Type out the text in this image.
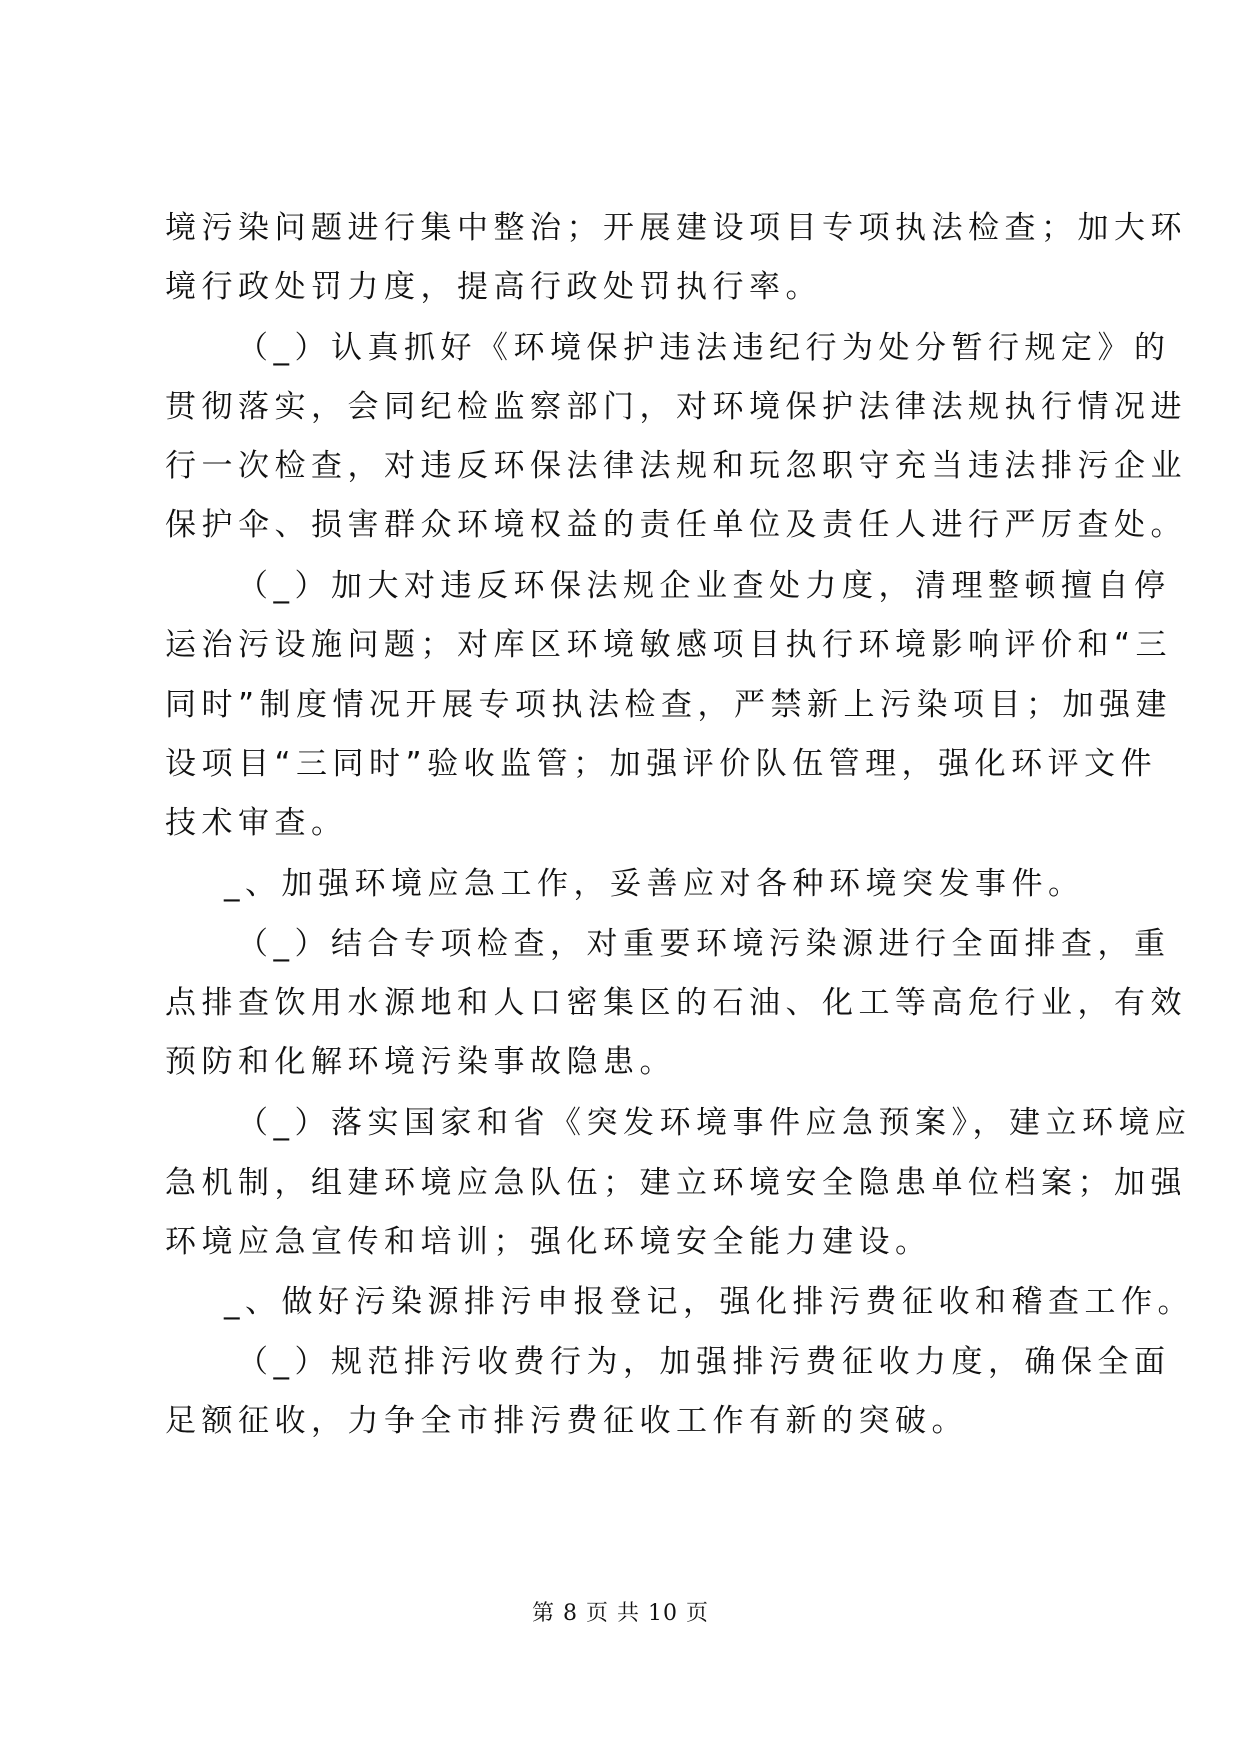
境污染问题进行集中整治；开展建设项目专项执法检查；加大环
境行政处罚力度，提高行政处罚执行率。
（_）认真抓好《环境保护违法违纪行为处分暂行规定》的
贯彻落实，会同纪检监察部门，对环境保护法律法规执行情况进
行一次检查，对违反环保法律法规和玩忽职守充当违法排污企业
保护伞、损害群众环境权益的责任单位及责任人进行严厉查处。
（_）加大对违反环保法规企业查处力度，清理整顿擅自停
运治污设施问题；对库区环境敏感项目执行环境影响评价和“三
同时”制度情况开展专项执法检查，严禁新上污染项目；加强建
设项目“三同时”验收监管；加强评价队伍管理，强化环评文件
技术审查。
_、加强环境应急工作，妥善应对各种环境突发事件。
（_）结合专项检查，对重要环境污染源进行全面排查，重
点排查饮用水源地和人口密集区的石油、化工等高危行业，有效
预防和化解环境污染事故隐患。
（_）落实国家和省《突发环境事件应急预案》，建立环境应
急机制，组建环境应急队伍；建立环境安全隐患单位档案；加强
环境应急宣传和培训；强化环境安全能力建设。
_、做好污染源排污申报登记，强化排污费征收和稽查工作。
（_）规范排污收费行为，加强排污费征收力度，确保全面
足额征收，力争全市排污费征收工作有新的突破。
第 8 页 共 10 页
